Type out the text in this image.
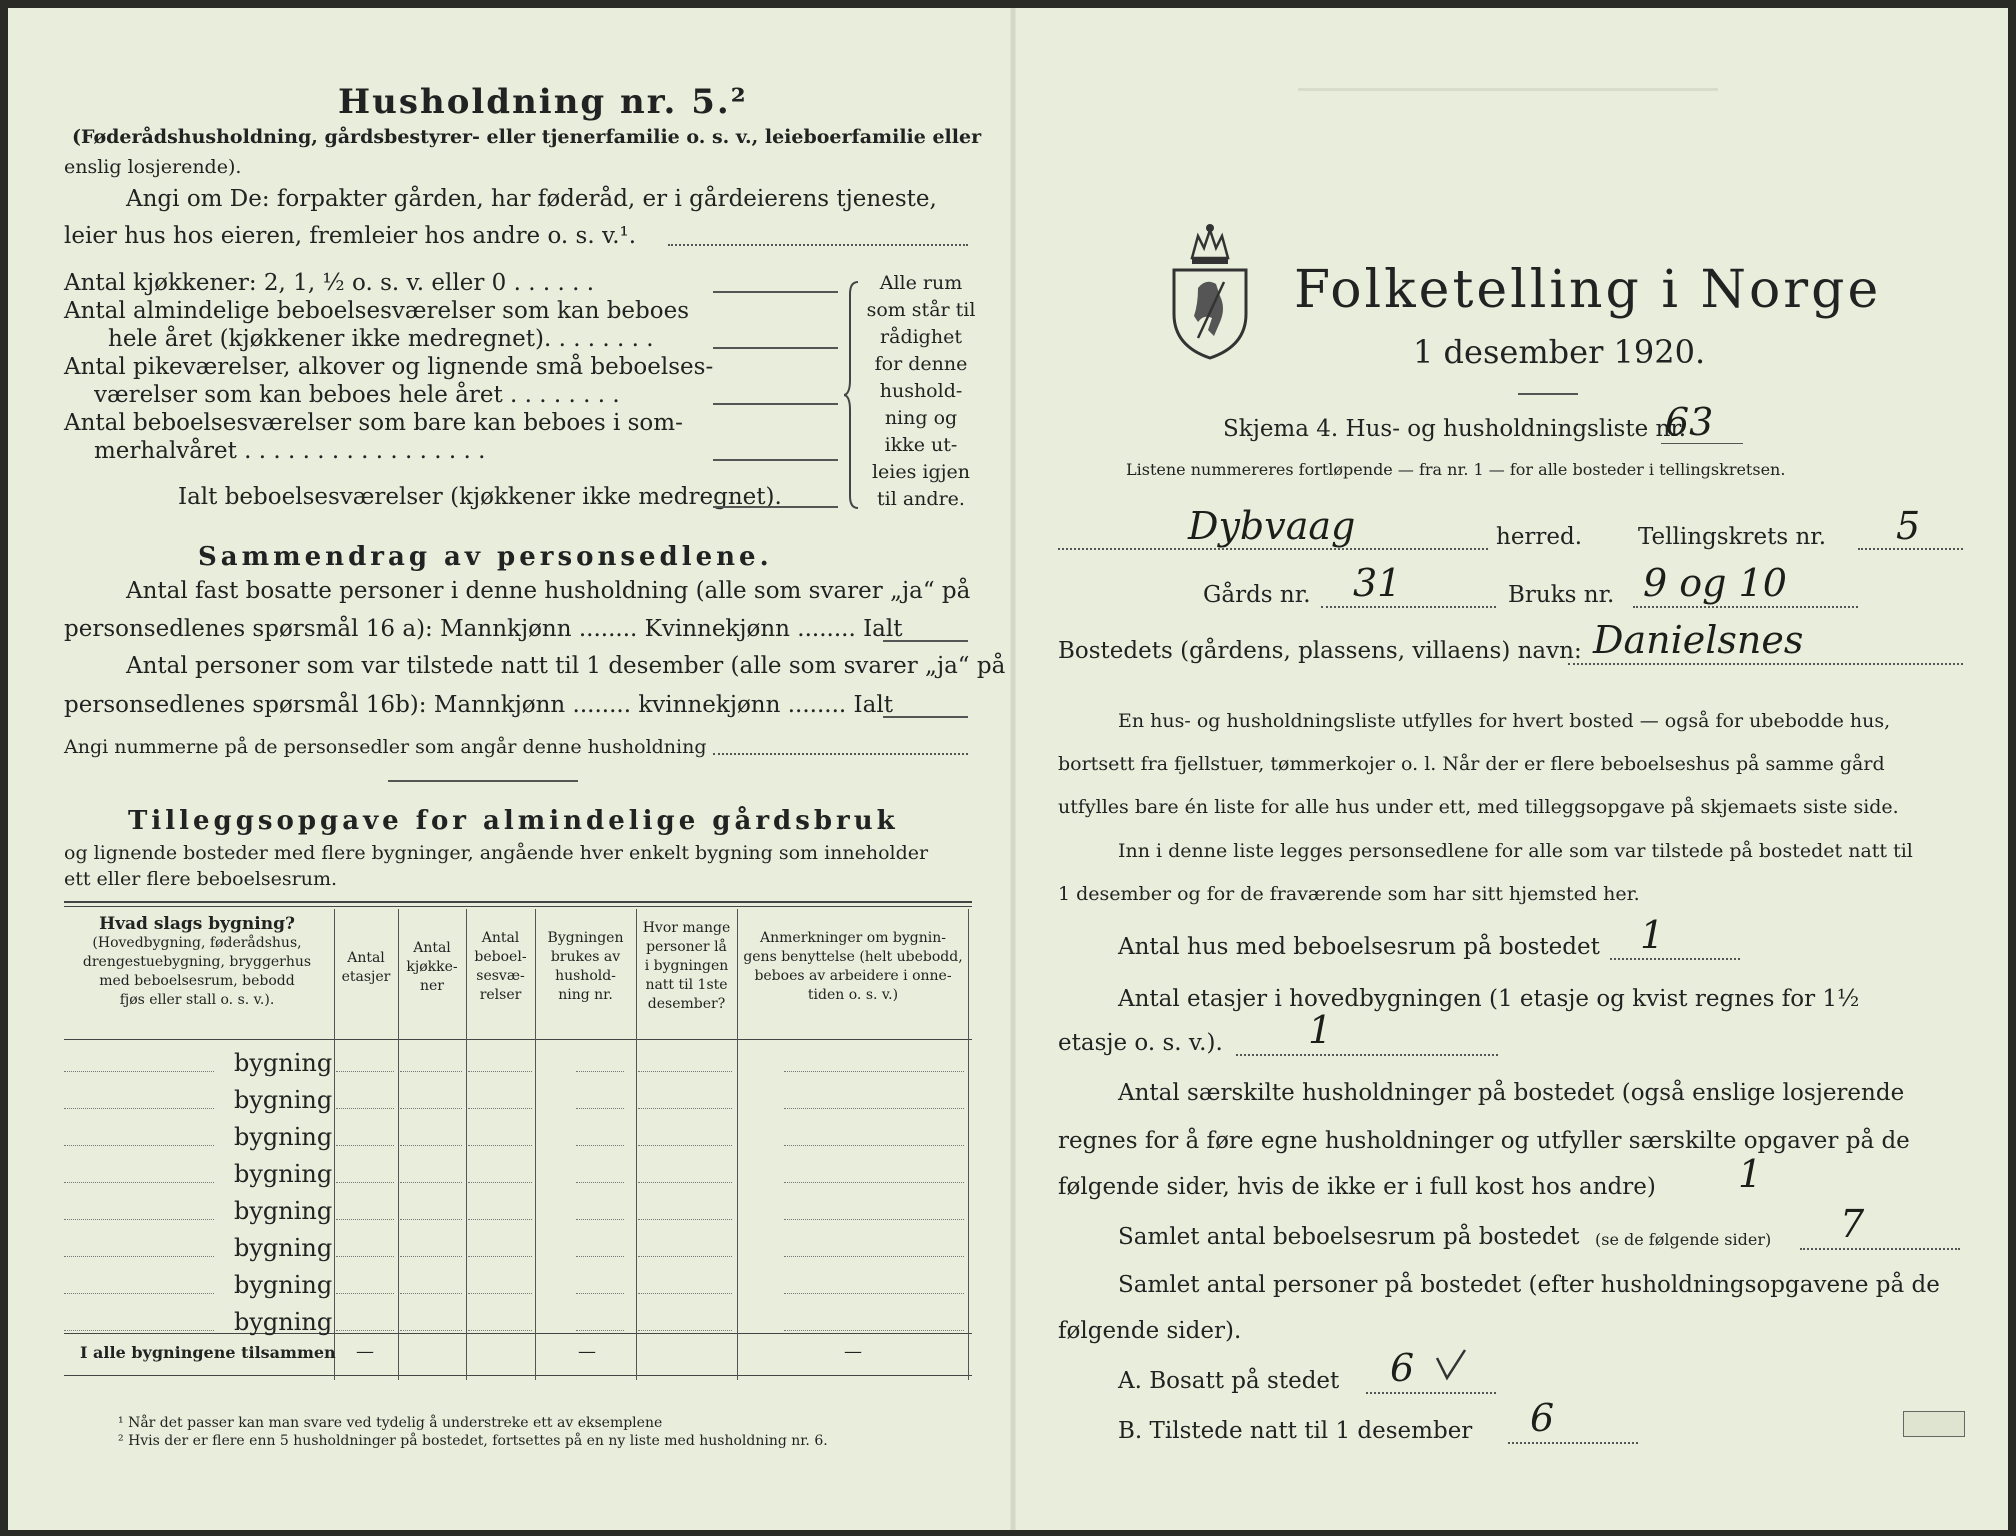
Husholdning nr. 5.²
(Føderådshusholdning, gårdsbestyrer- eller tjenerfamilie o. s. v., leieboerfamilie eller
enslig losjerende).
Angi om De: forpakter gården, har føderåd, er i gårdeierens tjeneste,
leier hus hos eieren, fremleier hos andre o. s. v.¹.
Antal kjøkkener: 2, 1, ½ o. s. v. eller 0 . . . . . .
Antal almindelige beboelsesværelser som kan beboes
hele året (kjøkkener ikke medregnet). . . . . . . .
Antal pikeværelser, alkover og lignende små beboelses-
værelser som kan beboes hele året . . . . . . . .
Antal beboelsesværelser som bare kan beboes i som-
merhalvåret . . . . . . . . . . . . . . . . .
Ialt beboelsesværelser (kjøkkener ikke medregnet).
Alle rum
som står til
rådighet
for denne
hushold-
ning og
ikke ut-
leies igjen
til andre.
Sammendrag av personsedlene.
Antal fast bosatte personer i denne husholdning (alle som svarer „ja“ på
personsedlenes spørsmål 16 a): Mannkjønn ........ Kvinnekjønn ........ Ialt
Antal personer som var tilstede natt til 1 desember (alle som svarer „ja“ på
personsedlenes spørsmål 16b): Mannkjønn ........ kvinnekjønn ........ Ialt
Angi nummerne på de personsedler som angår denne husholdning
Tilleggsopgave for almindelige gårdsbruk
og lignende bosteder med flere bygninger, angående hver enkelt bygning som inneholder
ett eller flere beboelsesrum.
Hvad slags bygning?
(Hovedbygning, føderådshus,
drengestuebygning, bryggerhus
med beboelsesrum, bebodd
fjøs eller stall o. s. v.).
Antal
etasjer
Antal
kjøkke-
ner
Antal
beboel-
sesvæ-
relser
Bygningen
brukes av
hushold-
ning nr.
Hvor mange
personer lå
i bygningen
natt til 1ste
desember?
Anmerkninger om bygnin-
gens benyttelse (helt ubebodd,
beboes av arbeidere i onne-
tiden o. s. v.)
bygning
bygning
bygning
bygning
bygning
bygning
bygning
bygning
I alle bygningene tilsammen —	—	—
¹ Når det passer kan man svare ved tydelig å understreke ett av eksemplene
² Hvis der er flere enn 5 husholdninger på bostedet, fortsettes på en ny liste med husholdning nr. 6.
Folketelling i Norge
1 desember 1920.
Skjema 4. Hus- og husholdningsliste nr.
63
Listene nummereres fortløpende — fra nr. 1 — for alle bosteder i tellingskretsen.
Dybvaag	herred. Tellingskrets nr. 5
Gårds nr. 31	Bruks nr. 9 og 10
Bostedets (gårdens, plassens, villaens) navn: Danielsnes
En hus- og husholdningsliste utfylles for hvert bosted — også for ubebodde hus,
bortsett fra fjellstuer, tømmerkojer o. l. Når der er flere beboelseshus på samme gård
utfylles bare én liste for alle hus under ett, med tilleggsopgave på skjemaets siste side.
Inn i denne liste legges personsedlene for alle som var tilstede på bostedet natt til
1 desember og for de fraværende som har sitt hjemsted her.
Antal hus med beboelsesrum på bostedet 1
Antal etasjer i hovedbygningen (1 etasje og kvist regnes for 1½
etasje o. s. v.). 1
Antal særskilte husholdninger på bostedet (også enslige losjerende
regnes for å føre egne husholdninger og utfyller særskilte opgaver på de
følgende sider, hvis de ikke er i full kost hos andre) 1
Samlet antal beboelsesrum på bostedet (se de følgende sider) 7
Samlet antal personer på bostedet (efter husholdningsopgavene på de
følgende sider).
A. Bosatt på stedet 6
B. Tilstede natt til 1 desember 6
